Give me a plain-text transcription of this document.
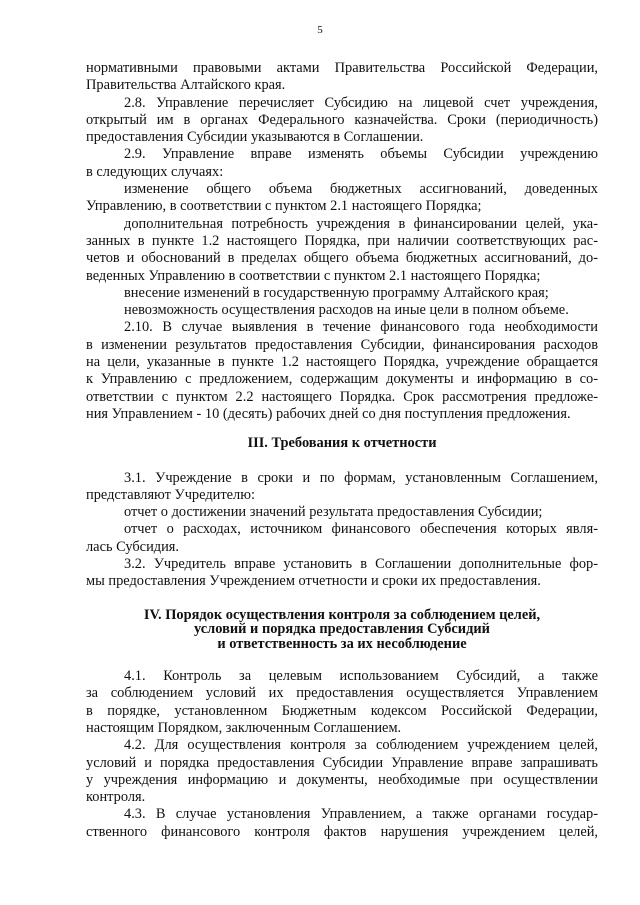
5
нормативными правовыми актами Правительства Российской Федерации,
Правительства Алтайского края.
2.8. Управление перечисляет Субсидию на лицевой счет учреждения,
открытый им в органах Федерального казначейства. Сроки (периодичность)
предоставления Субсидии указываются в Соглашении.
2.9. Управление вправе изменять объемы Субсидии учреждению
в следующих случаях:
изменение общего объема бюджетных ассигнований, доведенных
Управлению, в соответствии с пунктом 2.1 настоящего Порядка;
дополнительная потребность учреждения в финансировании целей, ука-
занных в пункте 1.2 настоящего Порядка, при наличии соответствующих рас-
четов и обоснований в пределах общего объема бюджетных ассигнований, до-
веденных Управлению в соответствии с пунктом 2.1 настоящего Порядка;
внесение изменений в государственную программу Алтайского края;
невозможность осуществления расходов на иные цели в полном объеме.
2.10. В случае выявления в течение финансового года необходимости
в изменении результатов предоставления Субсидии, финансирования расходов
на цели, указанные в пункте 1.2 настоящего Порядка, учреждение обращается
к Управлению с предложением, содержащим документы и информацию в со-
ответствии с пунктом 2.2 настоящего Порядка. Срок рассмотрения предложе-
ния Управлением - 10 (десять) рабочих дней со дня поступления предложения.
III. Требования к отчетности
3.1. Учреждение в сроки и по формам, установленным Соглашением,
представляют Учредителю:
отчет о достижении значений результата предоставления Субсидии;
отчет о расходах, источником финансового обеспечения которых явля-
лась Субсидия.
3.2. Учредитель вправе установить в Соглашении дополнительные фор-
мы предоставления Учреждением отчетности и сроки их предоставления.
IV. Порядок осуществления контроля за соблюдением целей,
условий и порядка предоставления Субсидий
и ответственность за их несоблюдение
4.1. Контроль за целевым использованием Субсидий, а также
за соблюдением условий их предоставления осуществляется Управлением
в порядке, установленном Бюджетным кодексом Российской Федерации,
настоящим Порядком, заключенным Соглашением.
4.2. Для осуществления контроля за соблюдением учреждением целей,
условий и порядка предоставления Субсидии Управление вправе запрашивать
у учреждения информацию и документы, необходимые при осуществлении
контроля.
4.3. В случае установления Управлением, а также органами государ-
ственного финансового контроля фактов нарушения учреждением целей,
